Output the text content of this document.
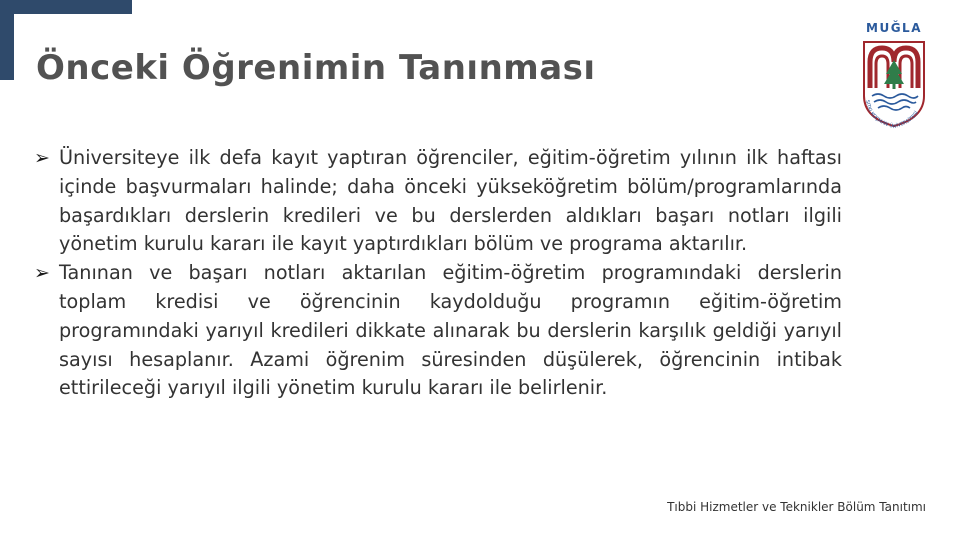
Önceki Öğrenimin Tanınması
MUĞLA
SITKI KOÇMAN ÜNİVERSİTESİ

➢ Üniversiteye ilk defa kayıt yaptıran öğrenciler, eğitim-öğretim yılının ilk haftası içinde başvurmaları halinde; daha önceki yükseköğretim bölüm/programlarında başardıkları derslerin kredileri ve bu derslerden aldıkları başarı notları ilgili yönetim kurulu kararı ile kayıt yaptırdıkları bölüm ve programa aktarılır.

➢ Tanınan ve başarı notları aktarılan eğitim-öğretim programındaki derslerin toplam kredisi ve öğrencinin kaydolduğu programın eğitim-öğretim programındaki yarıyıl kredileri dikkate alınarak bu derslerin karşılık geldiği yarıyıl sayısı hesaplanır. Azami öğrenim süresinden düşülerek, öğrencinin intibak ettirileceği yarıyıl ilgili yönetim kurulu kararı ile belirlenir.

Tıbbi Hizmetler ve Teknikler Bölüm Tanıtımı
